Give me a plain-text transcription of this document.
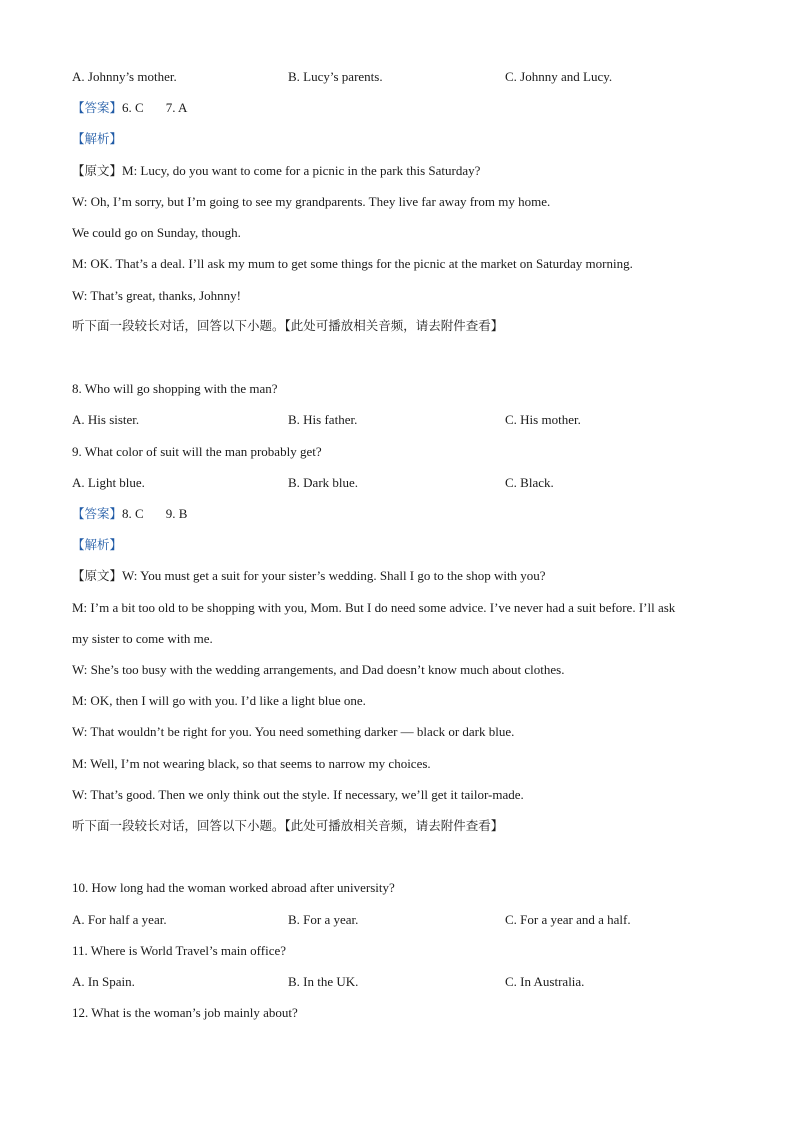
A. Johnny’s mother.	B. Lucy’s parents.	C. Johnny and Lucy.
【答案】6. C 7. A
【解析】
【原文】M: Lucy, do you want to come for a picnic in the park this Saturday?
W: Oh, I’m sorry, but I’m going to see my grandparents. They live far away from my home.
We could go on Sunday, though.
M: OK. That’s a deal. I’ll ask my mum to get some things for the picnic at the market on Saturday morning.
W: That’s great, thanks, Johnny!
听下面一段较长对话，回答以下小题。【此处可播放相关音频，请去附件查看】
8. Who will go shopping with the man?
A. His sister.	B. His father.	C. His mother.
9. What color of suit will the man probably get?
A. Light blue.	B. Dark blue.	C. Black.
【答案】8. C 9. B
【解析】
【原文】W: You must get a suit for your sister’s wedding. Shall I go to the shop with you?
M: I’m a bit too old to be shopping with you, Mom. But I do need some advice. I’ve never had a suit before. I’ll ask
my sister to come with me.
W: She’s too busy with the wedding arrangements, and Dad doesn’t know much about clothes.
M: OK, then I will go with you. I’d like a light blue one.
W: That wouldn’t be right for you. You need something darker — black or dark blue.
M: Well, I’m not wearing black, so that seems to narrow my choices.
W: That’s good. Then we only think out the style. If necessary, we’ll get it tailor-made.
听下面一段较长对话，回答以下小题。【此处可播放相关音频，请去附件查看】
10. How long had the woman worked abroad after university?
A. For half a year.	B. For a year.	C. For a year and a half.
11. Where is World Travel’s main office?
A. In Spain.	B. In the UK.	C. In Australia.
12. What is the woman’s job mainly about?
